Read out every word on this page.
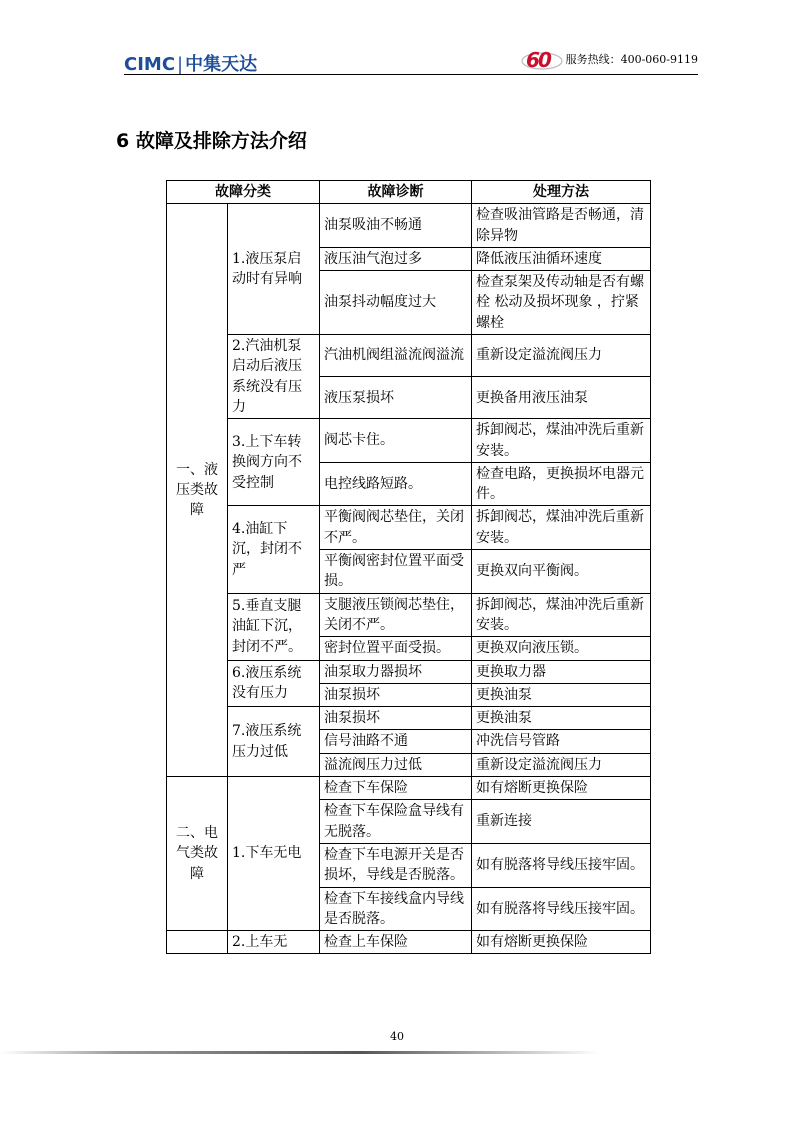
CIMC | 中集天达	6
0 服务热线：400-060-9119
6 故障及排除方法介绍
故障分类		故障诊断	处理方法
一、液压类故障	1.液压泵启动时有异响	油泵吸油不畅通	检查吸油管路是否畅通，清除异物
		液压油气泡过多	降低液压油循环速度
		油泵抖动幅度过大	检查泵架及传动轴是否有螺栓 松动及损坏现象 ，拧紧螺栓
	2.汽油机泵启动后液压系统没有压力	汽油机阀组溢流阀溢流	重新设定溢流阀压力
		液压泵损坏	更换备用液压油泵
	3.上下车转换阀方向不受控制	阀芯卡住。	拆卸阀芯，煤油冲洗后重新安装。
		电控线路短路。	检查电路，更换损坏电器元件。
	4.油缸下沉，封闭不严	平衡阀阀芯垫住，关闭不严。	拆卸阀芯，煤油冲洗后重新安装。
		平衡阀密封位置平面受损。	更换双向平衡阀。
	5.垂直支腿油缸下沉，封闭不严。	支腿液压锁阀芯垫住，关闭不严。	拆卸阀芯，煤油冲洗后重新安装。
		密封位置平面受损。	更换双向液压锁。
	6.液压系统没有压力	油泵取力器损坏	更换取力器
		油泵损坏	更换油泵
	7.液压系统压力过低	油泵损坏	更换油泵
		信号油路不通	冲洗信号管路
		溢流阀压力过低	重新设定溢流阀压力
二、电气类故障	1.下车无电	检查下车保险	如有熔断更换保险
		检查下车保险盒导线有无脱落。	重新连接
		检查下车电源开关是否损坏，导线是否脱落。	如有脱落将导线压接牢固。
		检查下车接线盒内导线是否脱落。	如有脱落将导线压接牢固。
	2.上车无	检查上车保险	如有熔断更换保险
40
